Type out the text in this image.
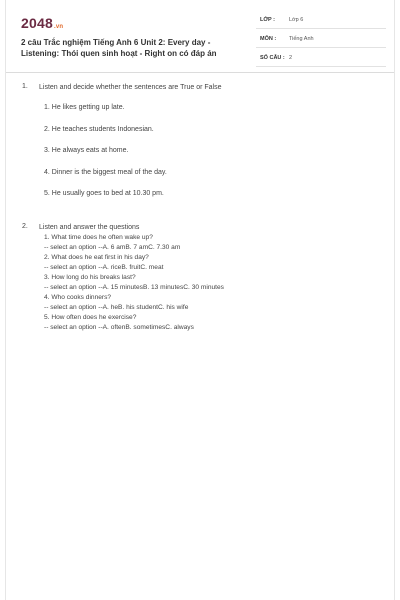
2048.vn
2 câu Trắc nghiệm Tiếng Anh 6 Unit 2: Every day - Listening: Thói quen sinh hoạt - Right on có đáp án
LỚP :	Lớp 6
MÔN : Tiếng Anh
SỐ CÂU : 2
1. Listen and decide whether the sentences are True or False
1. He likes getting up late.
2. He teaches students Indonesian.
3. He always eats at home.
4. Dinner is the biggest meal of the day.
5. He usually goes to bed at 10.30 pm.
2. Listen and answer the questions
1. What time does he often wake up?
-- select an option --A. 6 amB. 7 amC. 7.30 am
2. What does he eat first in his day?
-- select an option --A. riceB. fruitC. meat
3. How long do his breaks last?
-- select an option --A. 15 minutesB. 13 minutesC. 30 minutes
4. Who cooks dinners?
-- select an option --A. heB. his studentC. his wife
5. How often does he exercise?
-- select an option --A. oftenB. sometimesC. always
